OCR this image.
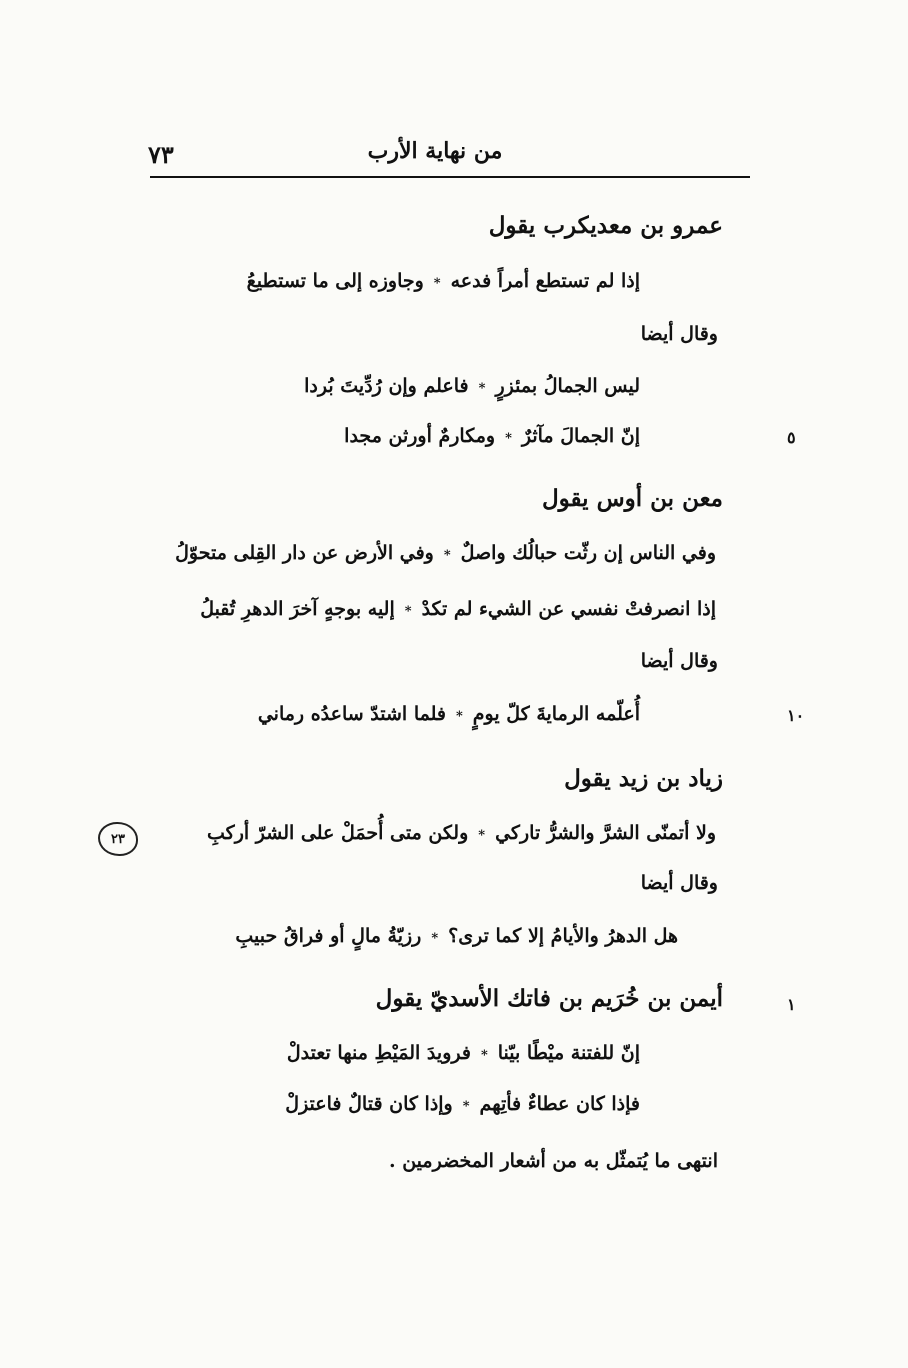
من نهاية الأرب
٧٣
عمرو بن معديكرب يقول
إذا لم تستطع أمراً فدعه
*
وجاوزه إلى ما تستطيعُ
وقال أيضا
ليس الجمالُ بمئزرٍ
*
فاعلم وإن رُدِّيتَ بُردا
إنّ الجمالَ مآثرٌ
*
ومكارمٌ أورثن مجدا	٥
معن بن أوس يقول
وفي الناس إن رثّت حبالُك واصلٌ
*
وفي الأرض عن دار القِلى متحوّلُ
إذا انصرفتْ نفسي عن الشيء لم تكدْ
*
إليه بوجهٍ آخرَ الدهرِ تُقبلُ
وقال أيضا
أُعلّمه الرمايةَ كلّ يومٍ
*
فلما اشتدّ ساعدُه رماني	١٠
زياد بن زيد يقول
ولا أتمنّى الشرَّ والشرُّ تاركي
*
ولكن متى أُحمَلْ على الشرّ أركبِ
٢٣
وقال أيضا
هل الدهرُ والأيامُ إلا كما ترى؟
*
رزيّةُ مالٍ أو فراقُ حبيبِ
أيمن بن خُرَيم بن فاتك الأسديّ يقول	١
إنّ للفتنة ميْطًا بيّنا
*
فرويدَ المَيْطِ منها تعتدلْ
فإذا كان عطاءٌ فأتِهم
*
وإذا كان قتالٌ فاعتزلْ
انتهى ما يُتمثّل به من أشعار المخضرمين .
